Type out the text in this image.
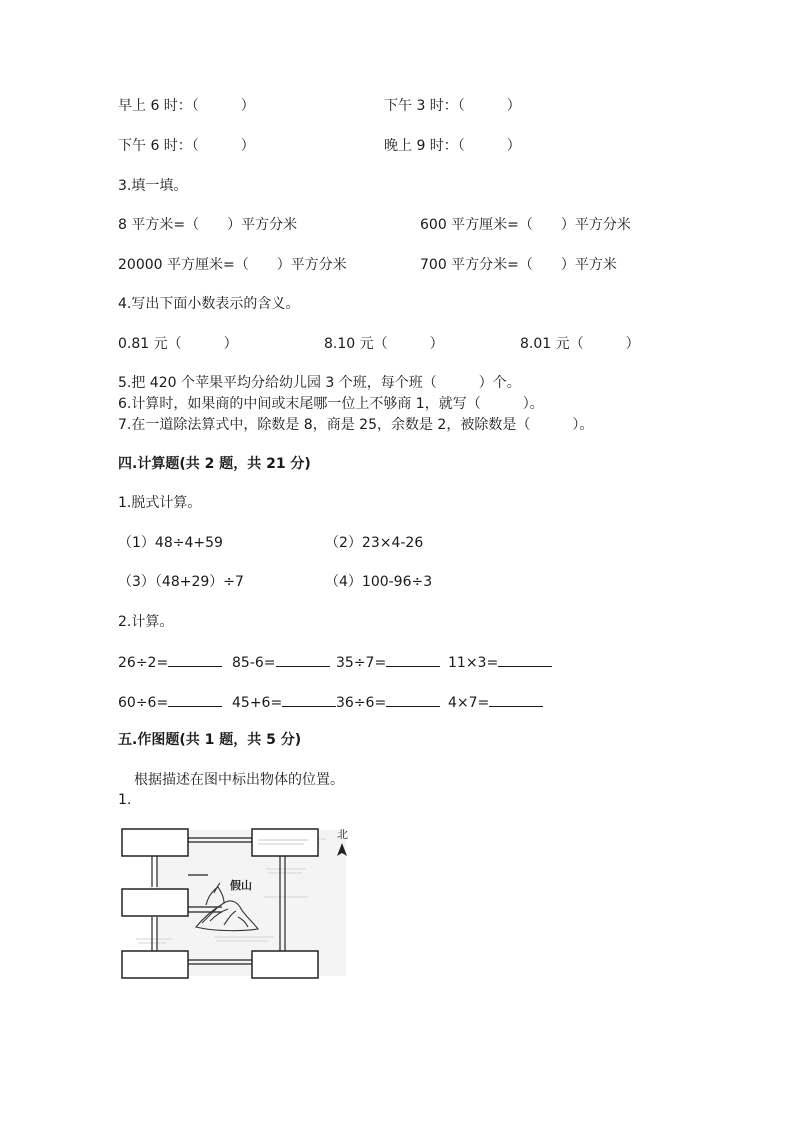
早上 6 时：（　　　）	下午 3 时：（　　　）
下午 6 时：（　　　）	晚上 9 时：（　　　）
3.填一填。
8 平方米=（　　）平方分米	600 平方厘米=（　　）平方分米
20000 平方厘米=（　　）平方分米	700 平方分米=（　　）平方米
4.写出下面小数表示的含义。
0.81 元（　　　）	8.10 元（　　　）	8.01 元（　　　）
5.把 420 个苹果平均分给幼儿园 3 个班，每个班（　　　）个。
6.计算时，如果商的中间或末尾哪一位上不够商 1，就写（　　　）。
7.在一道除法算式中，除数是 8，商是 25，余数是 2，被除数是（　　　）。
四.计算题(共 2 题，共 21 分)
1.脱式计算。
（1）48÷4+59	（2）23×4-26
（3）（48+29）÷7	（4）100-96÷3
2.计算。
26÷2=	85-6=	35÷7=	11×3=
60÷6=	45+6=	36÷6=	4×7=
五.作图题(共 1 题，共 5 分)
根据描述在图中标出物体的位置。
1.
假山
北
